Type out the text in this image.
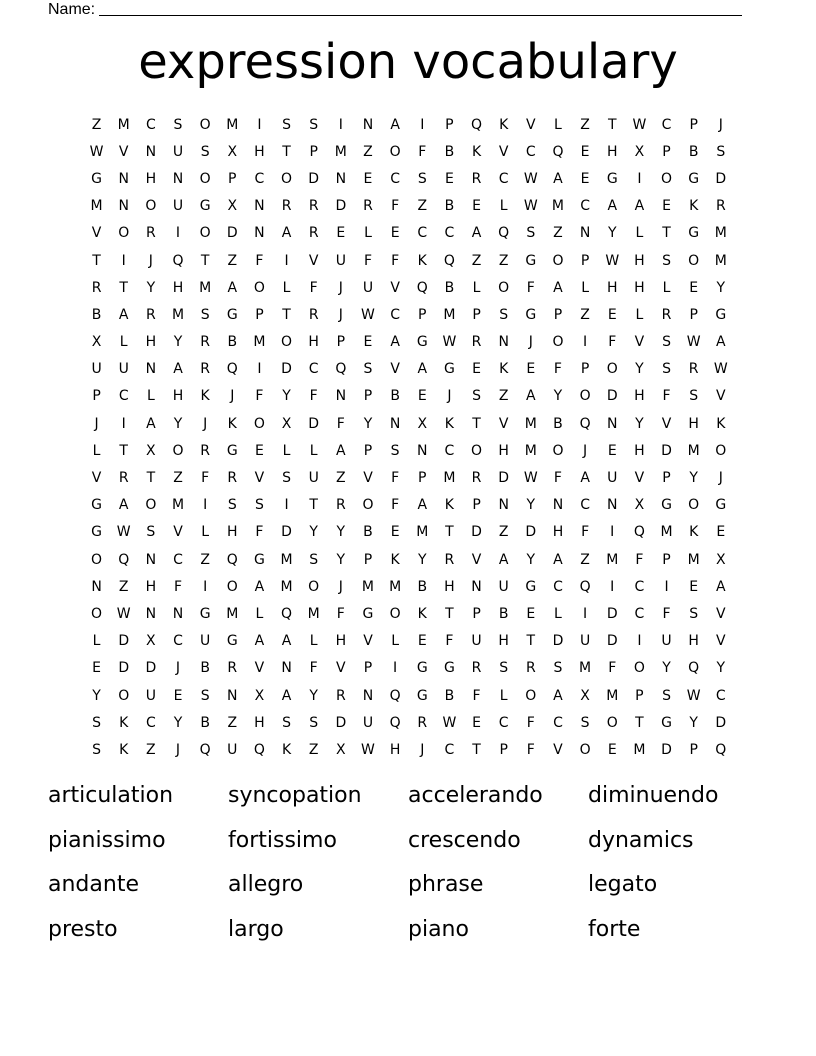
Name:
expression vocabulary
Z	M	C	S	O	M	I	S	S	I	N	A	I	P	Q	K	V	L	Z	T	W	C	P	J
W	V	N	U	S	X	H	T	P	M	Z	O	F	B	K	V	C	Q	E	H	X	P	B	S
G	N	H	N	O	P	C	O	D	N	E	C	S	E	R	C	W	A	E	G	I	O	G	D
M	N	O	U	G	X	N	R	R	D	R	F	Z	B	E	L	W	M	C	A	A	E	K	R
V	O	R	I	O	D	N	A	R	E	L	E	C	C	A	Q	S	Z	N	Y	L	T	G	M
T	I	J	Q	T	Z	F	I	V	U	F	F	K	Q	Z	Z	G	O	P	W	H	S	O	M
R	T	Y	H	M	A	O	L	F	J	U	V	Q	B	L	O	F	A	L	H	H	L	E	Y
B	A	R	M	S	G	P	T	R	J	W	C	P	M	P	S	G	P	Z	E	L	R	P	G
X	L	H	Y	R	B	M	O	H	P	E	A	G	W	R	N	J	O	I	F	V	S	W	A
U	U	N	A	R	Q	I	D	C	Q	S	V	A	G	E	K	E	F	P	O	Y	S	R	W
P	C	L	H	K	J	F	Y	F	N	P	B	E	J	S	Z	A	Y	O	D	H	F	S	V
J	I	A	Y	J	K	O	X	D	F	Y	N	X	K	T	V	M	B	Q	N	Y	V	H	K
L	T	X	O	R	G	E	L	L	A	P	S	N	C	O	H	M	O	J	E	H	D	M	O
V	R	T	Z	F	R	V	S	U	Z	V	F	P	M	R	D	W	F	A	U	V	P	Y	J
G	A	O	M	I	S	S	I	T	R	O	F	A	K	P	N	Y	N	C	N	X	G	O	G
G	W	S	V	L	H	F	D	Y	Y	B	E	M	T	D	Z	D	H	F	I	Q	M	K	E
O	Q	N	C	Z	Q	G	M	S	Y	P	K	Y	R	V	A	Y	A	Z	M	F	P	M	X
N	Z	H	F	I	O	A	M	O	J	M	M	B	H	N	U	G	C	Q	I	C	I	E	A
O	W	N	N	G	M	L	Q	M	F	G	O	K	T	P	B	E	L	I	D	C	F	S	V
L	D	X	C	U	G	A	A	L	H	V	L	E	F	U	H	T	D	U	D	I	U	H	V
E	D	D	J	B	R	V	N	F	V	P	I	G	G	R	S	R	S	M	F	O	Y	Q	Y
Y	O	U	E	S	N	X	A	Y	R	N	Q	G	B	F	L	O	A	X	M	P	S	W	C
S	K	C	Y	B	Z	H	S	S	D	U	Q	R	W	E	C	F	C	S	O	T	G	Y	D
S	K	Z	J	Q	U	Q	K	Z	X	W	H	J	C	T	P	F	V	O	E	M	D	P	Q
articulation	syncopation	accelerando	diminuendo
pianissimo	fortissimo	crescendo	dynamics
andante	allegro	phrase	legato
presto	largo	piano	forte
